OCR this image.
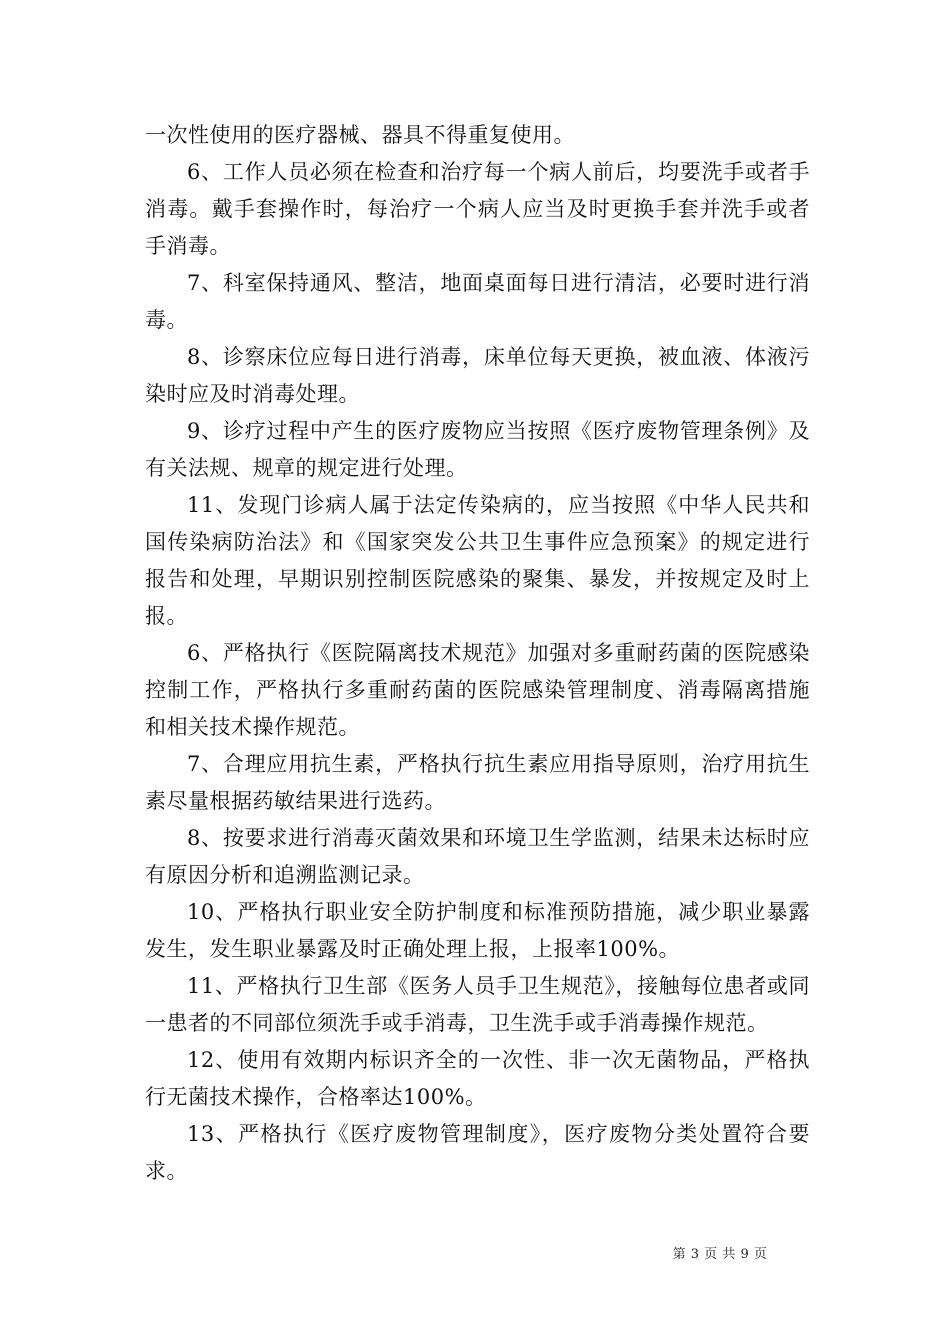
一次性使用的医疗器械、器具不得重复使用。

6、工作人员必须在检查和治疗每一个病人前后，均要洗手或者手消毒。戴手套操作时，每治疗一个病人应当及时更换手套并洗手或者手消毒。

7、科室保持通风、整洁，地面桌面每日进行清洁，必要时进行消毒。

8、诊察床位应每日进行消毒，床单位每天更换，被血液、体液污染时应及时消毒处理。

9、诊疗过程中产生的医疗废物应当按照《医疗废物管理条例》及有关法规、规章的规定进行处理。

11、发现门诊病人属于法定传染病的，应当按照《中华人民共和国传染病防治法》和《国家突发公共卫生事件应急预案》的规定进行报告和处理，早期识别控制医院感染的聚集、暴发，并按规定及时上报。

6、严格执行《医院隔离技术规范》加强对多重耐药菌的医院感染控制工作，严格执行多重耐药菌的医院感染管理制度、消毒隔离措施和相关技术操作规范。

7、合理应用抗生素，严格执行抗生素应用指导原则，治疗用抗生素尽量根据药敏结果进行选药。

8、按要求进行消毒灭菌效果和环境卫生学监测，结果未达标时应有原因分析和追溯监测记录。

10、严格执行职业安全防护制度和标准预防措施，减少职业暴露发生，发生职业暴露及时正确处理上报，上报率100%。

11、严格执行卫生部《医务人员手卫生规范》，接触每位患者或同一患者的不同部位须洗手或手消毒，卫生洗手或手消毒操作规范。

12、使用有效期内标识齐全的一次性、非一次无菌物品，严格执行无菌技术操作，合格率达100%。

13、严格执行《医疗废物管理制度》，医疗废物分类处置符合要求。

第 3 页 共 9 页
